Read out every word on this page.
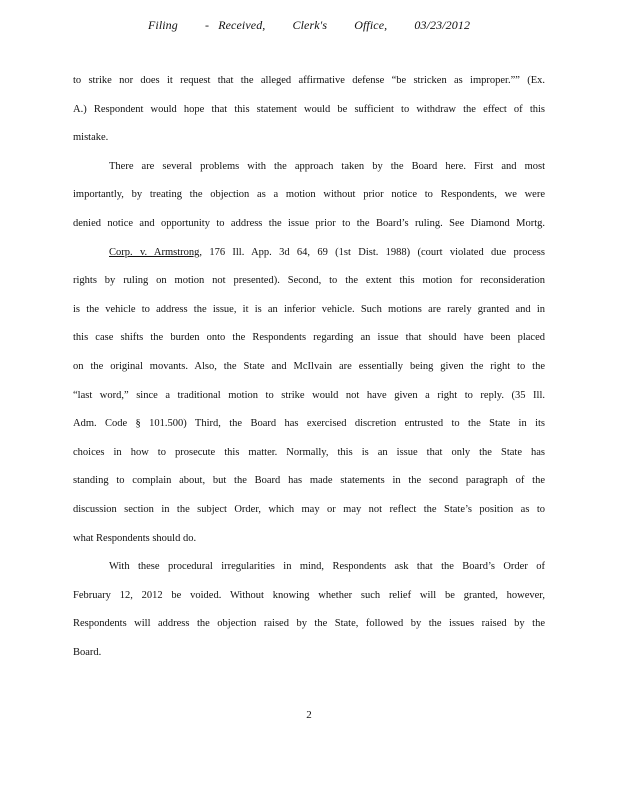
Filing - Received, Clerk's Office, 03/23/2012
to strike nor does it request that the alleged affirmative defense “be stricken as improper.”” (Ex.
A.) Respondent would hope that this statement would be sufficient to withdraw the effect of this
mistake.
There are several problems with the approach taken by the Board here. First and most
importantly, by treating the objection as a motion without prior notice to Respondents, we were
denied notice and opportunity to address the issue prior to the Board’s ruling. See Diamond Mortg.
Corp. v. Armstrong, 176 Ill. App. 3d 64, 69 (1st Dist. 1988) (court violated due process
rights by ruling on motion not presented). Second, to the extent this motion for reconsideration
is the vehicle to address the issue, it is an inferior vehicle. Such motions are rarely granted and in
this case shifts the burden onto the Respondents regarding an issue that should have been placed
on the original movants. Also, the State and McIlvain are essentially being given the right to the
“last word,” since a traditional motion to strike would not have given a right to reply. (35 Ill.
Adm. Code § 101.500) Third, the Board has exercised discretion entrusted to the State in its
choices in how to prosecute this matter. Normally, this is an issue that only the State has
standing to complain about, but the Board has made statements in the second paragraph of the
discussion section in the subject Order, which may or may not reflect the State’s position as to
what Respondents should do.
With these procedural irregularities in mind, Respondents ask that the Board’s Order of
February 12, 2012 be voided. Without knowing whether such relief will be granted, however,
Respondents will address the objection raised by the State, followed by the issues raised by the
Board.
2
